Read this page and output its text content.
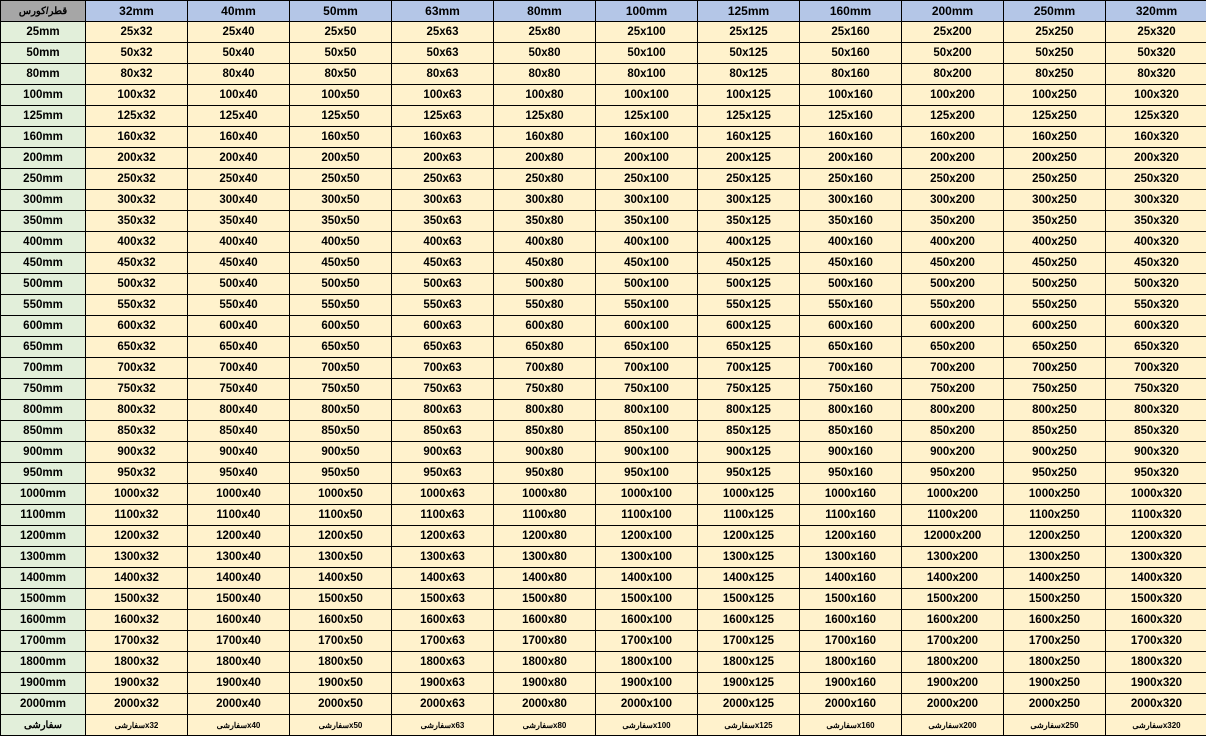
قطر/کورس	32mm	40mm	50mm	63mm	80mm	100mm	125mm	160mm	200mm	250mm	320mm
25mm	25x32	25x40	25x50	25x63	25x80	25x100	25x125	25x160	25x200	25x250	25x320
50mm	50x32	50x40	50x50	50x63	50x80	50x100	50x125	50x160	50x200	50x250	50x320
80mm	80x32	80x40	80x50	80x63	80x80	80x100	80x125	80x160	80x200	80x250	80x320
100mm	100x32	100x40	100x50	100x63	100x80	100x100	100x125	100x160	100x200	100x250	100x320
125mm	125x32	125x40	125x50	125x63	125x80	125x100	125x125	125x160	125x200	125x250	125x320
160mm	160x32	160x40	160x50	160x63	160x80	160x100	160x125	160x160	160x200	160x250	160x320
200mm	200x32	200x40	200x50	200x63	200x80	200x100	200x125	200x160	200x200	200x250	200x320
250mm	250x32	250x40	250x50	250x63	250x80	250x100	250x125	250x160	250x200	250x250	250x320
300mm	300x32	300x40	300x50	300x63	300x80	300x100	300x125	300x160	300x200	300x250	300x320
350mm	350x32	350x40	350x50	350x63	350x80	350x100	350x125	350x160	350x200	350x250	350x320
400mm	400x32	400x40	400x50	400x63	400x80	400x100	400x125	400x160	400x200	400x250	400x320
450mm	450x32	450x40	450x50	450x63	450x80	450x100	450x125	450x160	450x200	450x250	450x320
500mm	500x32	500x40	500x50	500x63	500x80	500x100	500x125	500x160	500x200	500x250	500x320
550mm	550x32	550x40	550x50	550x63	550x80	550x100	550x125	550x160	550x200	550x250	550x320
600mm	600x32	600x40	600x50	600x63	600x80	600x100	600x125	600x160	600x200	600x250	600x320
650mm	650x32	650x40	650x50	650x63	650x80	650x100	650x125	650x160	650x200	650x250	650x320
700mm	700x32	700x40	700x50	700x63	700x80	700x100	700x125	700x160	700x200	700x250	700x320
750mm	750x32	750x40	750x50	750x63	750x80	750x100	750x125	750x160	750x200	750x250	750x320
800mm	800x32	800x40	800x50	800x63	800x80	800x100	800x125	800x160	800x200	800x250	800x320
850mm	850x32	850x40	850x50	850x63	850x80	850x100	850x125	850x160	850x200	850x250	850x320
900mm	900x32	900x40	900x50	900x63	900x80	900x100	900x125	900x160	900x200	900x250	900x320
950mm	950x32	950x40	950x50	950x63	950x80	950x100	950x125	950x160	950x200	950x250	950x320
1000mm	1000x32	1000x40	1000x50	1000x63	1000x80	1000x100	1000x125	1000x160	1000x200	1000x250	1000x320
1100mm	1100x32	1100x40	1100x50	1100x63	1100x80	1100x100	1100x125	1100x160	1100x200	1100x250	1100x320
1200mm	1200x32	1200x40	1200x50	1200x63	1200x80	1200x100	1200x125	1200x160	12000x200	1200x250	1200x320
1300mm	1300x32	1300x40	1300x50	1300x63	1300x80	1300x100	1300x125	1300x160	1300x200	1300x250	1300x320
1400mm	1400x32	1400x40	1400x50	1400x63	1400x80	1400x100	1400x125	1400x160	1400x200	1400x250	1400x320
1500mm	1500x32	1500x40	1500x50	1500x63	1500x80	1500x100	1500x125	1500x160	1500x200	1500x250	1500x320
1600mm	1600x32	1600x40	1600x50	1600x63	1600x80	1600x100	1600x125	1600x160	1600x200	1600x250	1600x320
1700mm	1700x32	1700x40	1700x50	1700x63	1700x80	1700x100	1700x125	1700x160	1700x200	1700x250	1700x320
1800mm	1800x32	1800x40	1800x50	1800x63	1800x80	1800x100	1800x125	1800x160	1800x200	1800x250	1800x320
1900mm	1900x32	1900x40	1900x50	1900x63	1900x80	1900x100	1900x125	1900x160	1900x200	1900x250	1900x320
2000mm	2000x32	2000x40	2000x50	2000x63	2000x80	2000x100	2000x125	2000x160	2000x200	2000x250	2000x320
سفارشی	سفارشیx32	سفارشیx40	سفارشیx50	سفارشیx63	سفارشیx80	سفارشیx100	سفارشیx125	سفارشیx160	سفارشیx200	سفارشیx250	سفارشیx320
